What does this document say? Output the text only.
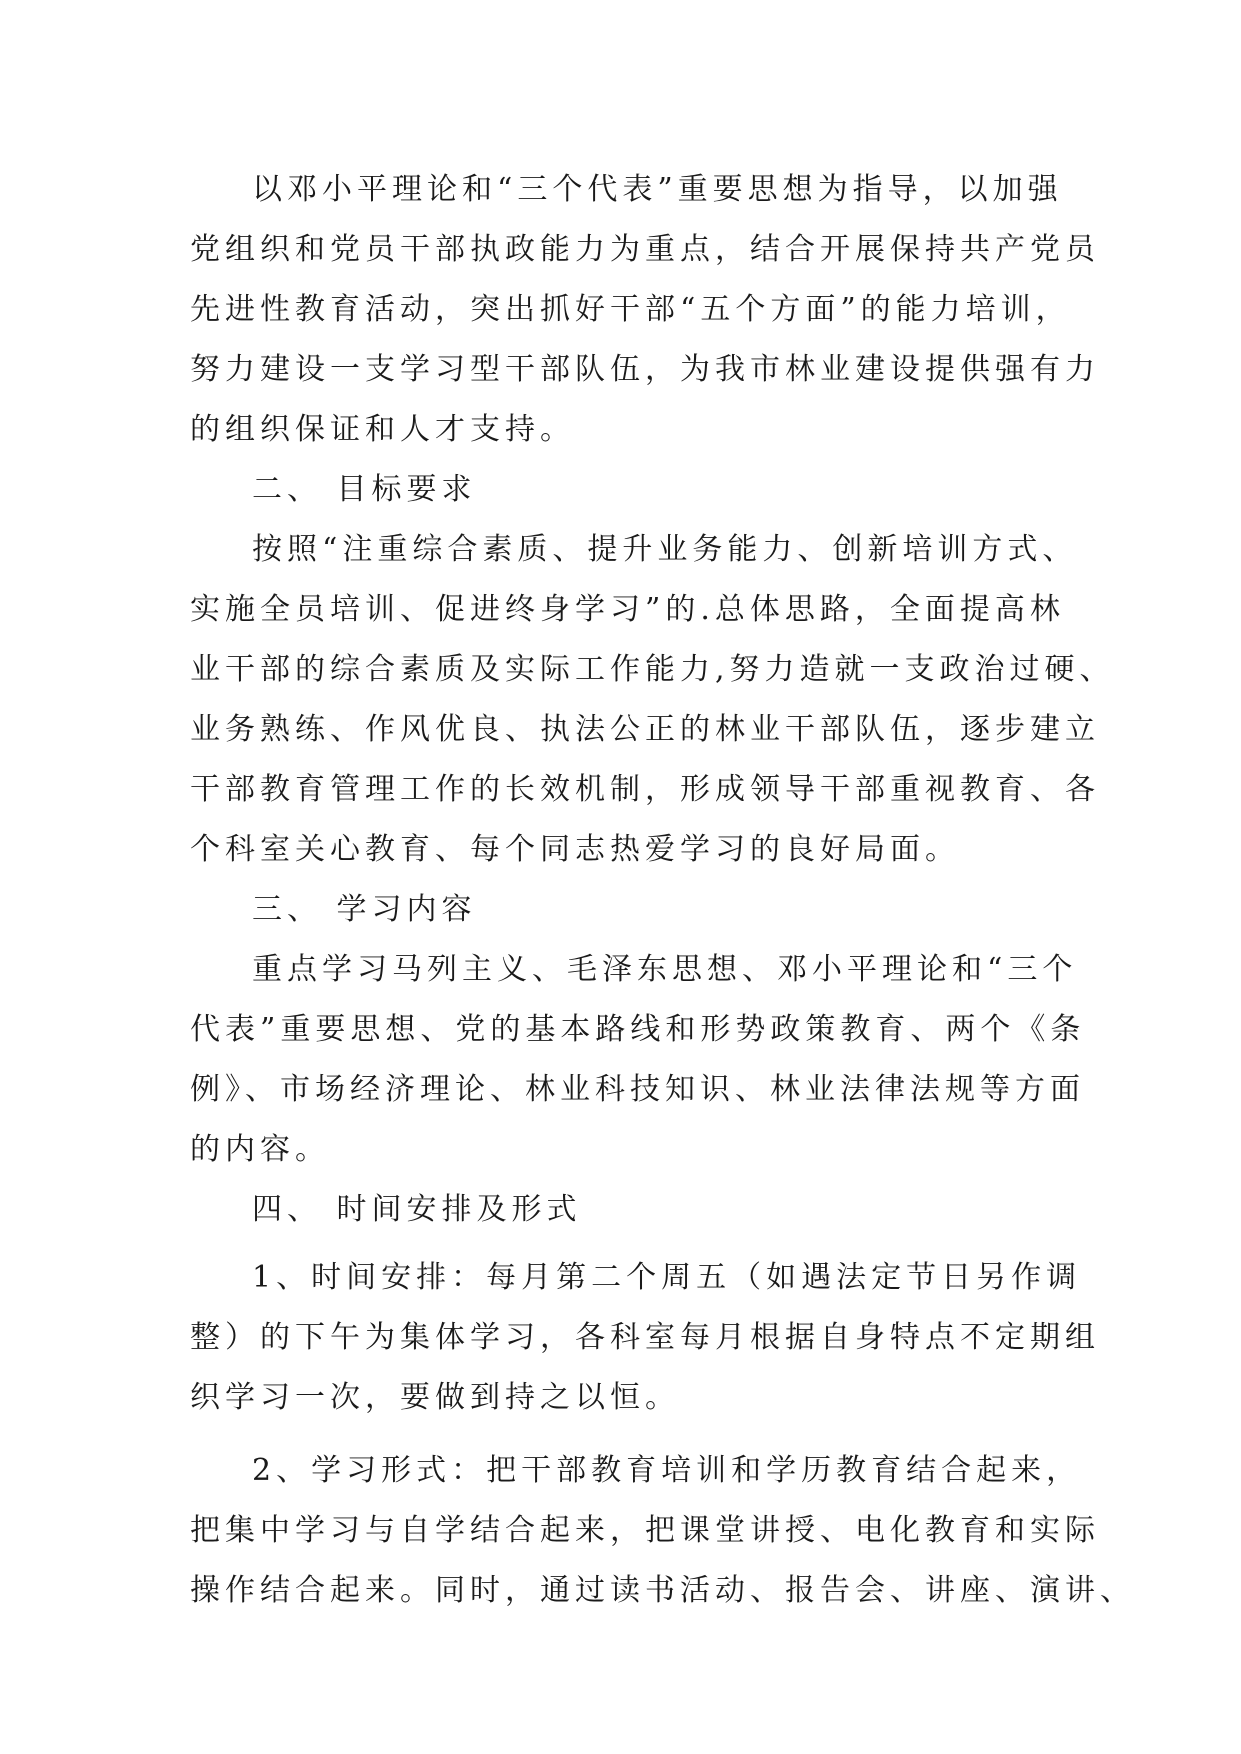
以邓小平理论和“三个代表”重要思想为指导，以加强
党组织和党员干部执政能力为重点，结合开展保持共产党员
先进性教育活动，突出抓好干部“五个方面”的能力培训，
努力建设一支学习型干部队伍，为我市林业建设提供强有力
的组织保证和人才支持。
二、 目标要求
按照“注重综合素质、提升业务能力、创新培训方式、
实施全员培训、促进终身学习”的.总体思路，全面提高林
业干部的综合素质及实际工作能力,努力造就一支政治过硬、
业务熟练、作风优良、执法公正的林业干部队伍，逐步建立
干部教育管理工作的长效机制，形成领导干部重视教育、各
个科室关心教育、每个同志热爱学习的良好局面。
三、 学习内容
重点学习马列主义、毛泽东思想、邓小平理论和“三个
代表”重要思想、党的基本路线和形势政策教育、两个《条
例》、市场经济理论、林业科技知识、林业法律法规等方面
的内容。
四、 时间安排及形式
1、时间安排：每月第二个周五（如遇法定节日另作调
整）的下午为集体学习，各科室每月根据自身特点不定期组
织学习一次，要做到持之以恒。
2、学习形式：把干部教育培训和学历教育结合起来，
把集中学习与自学结合起来，把课堂讲授、电化教育和实际
操作结合起来。同时，通过读书活动、报告会、讲座、演讲、
